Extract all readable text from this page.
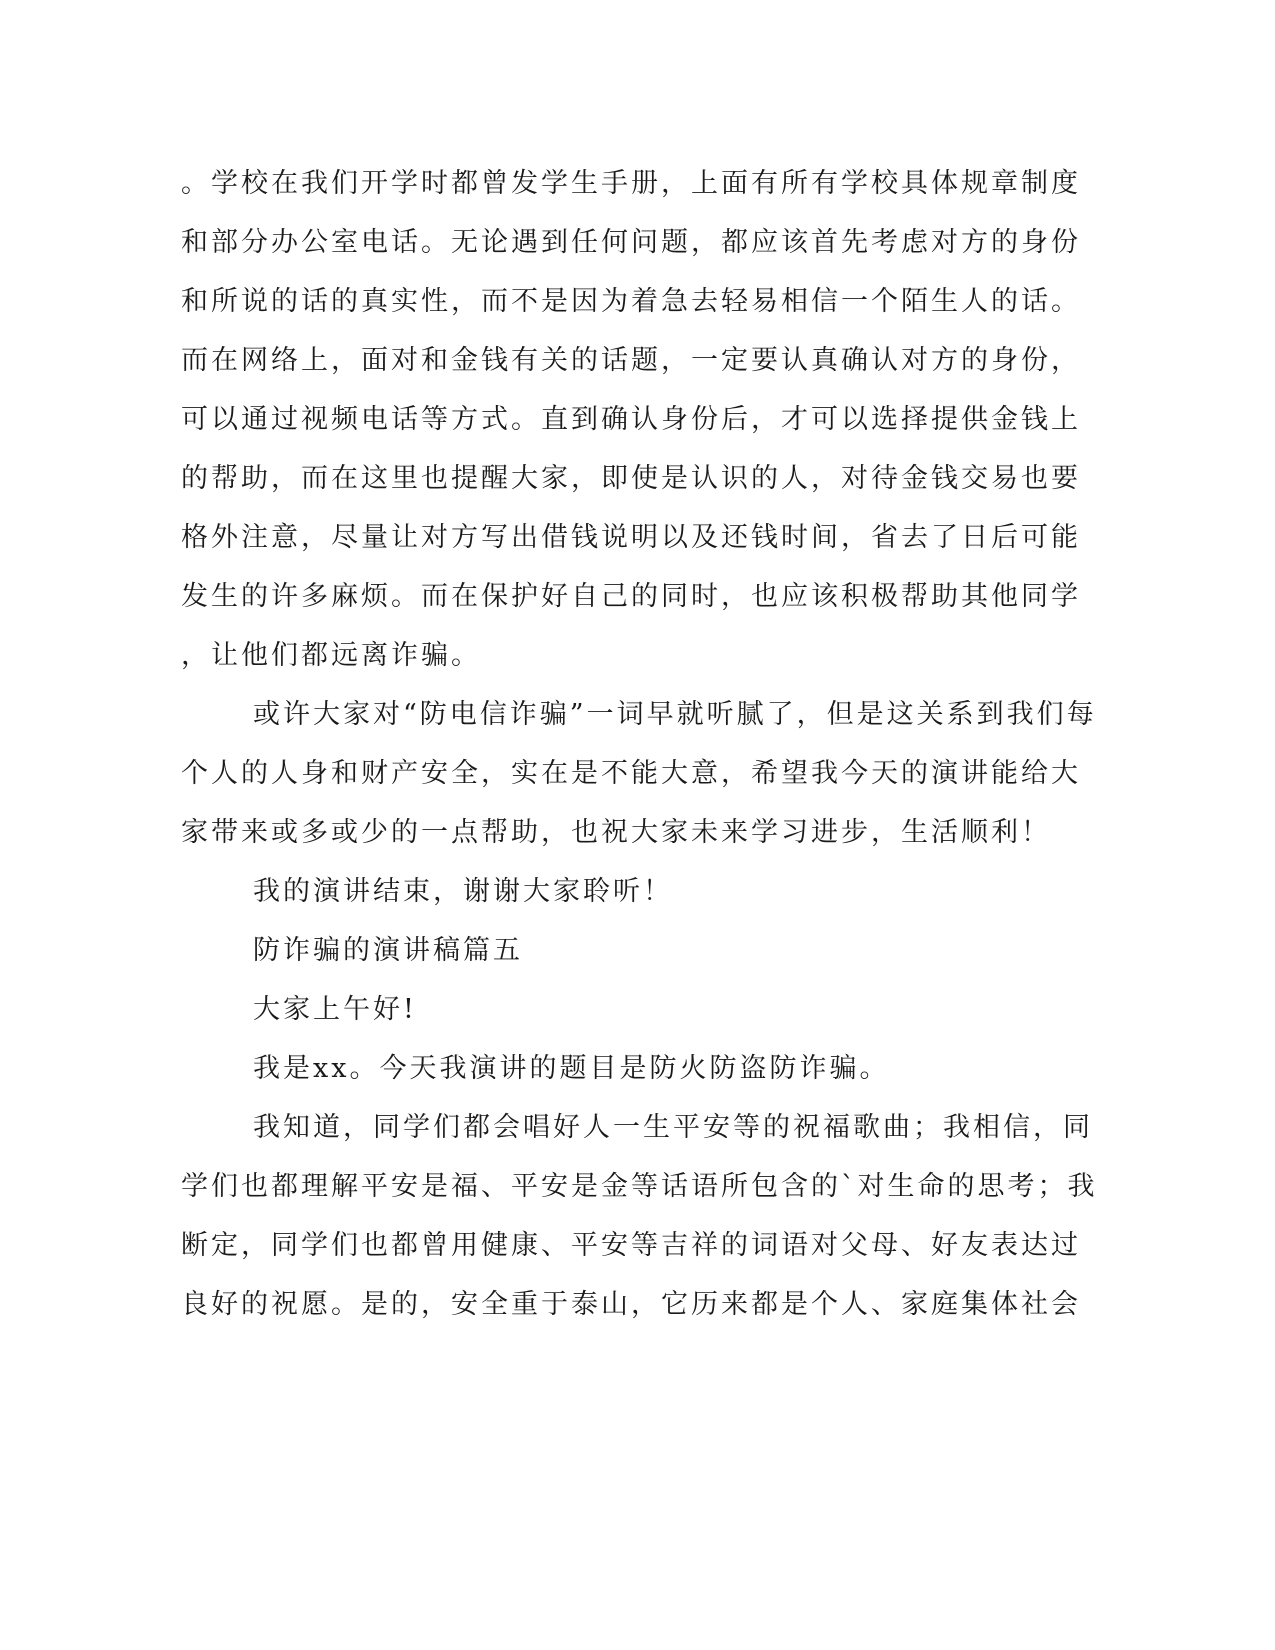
。学校在我们开学时都曾发学生手册，上面有所有学校具体规章制度
和部分办公室电话。无论遇到任何问题，都应该首先考虑对方的身份
和所说的话的真实性，而不是因为着急去轻易相信一个陌生人的话。
而在网络上，面对和金钱有关的话题，一定要认真确认对方的身份，
可以通过视频电话等方式。直到确认身份后，才可以选择提供金钱上
的帮助，而在这里也提醒大家，即使是认识的人，对待金钱交易也要
格外注意，尽量让对方写出借钱说明以及还钱时间，省去了日后可能
发生的许多麻烦。而在保护好自己的同时，也应该积极帮助其他同学
，让他们都远离诈骗。
或许大家对“防电信诈骗”一词早就听腻了，但是这关系到我们每
个人的人身和财产安全，实在是不能大意，希望我今天的演讲能给大
家带来或多或少的一点帮助，也祝大家未来学习进步，生活顺利！
我的演讲结束，谢谢大家聆听！
防诈骗的演讲稿篇五
大家上午好!
我是xx。今天我演讲的题目是防火防盗防诈骗。
我知道，同学们都会唱好人一生平安等的祝福歌曲；我相信，同
学们也都理解平安是福、平安是金等话语所包含的`对生命的思考；我
断定，同学们也都曾用健康、平安等吉祥的词语对父母、好友表达过
良好的祝愿。是的，安全重于泰山，它历来都是个人、家庭集体社会
